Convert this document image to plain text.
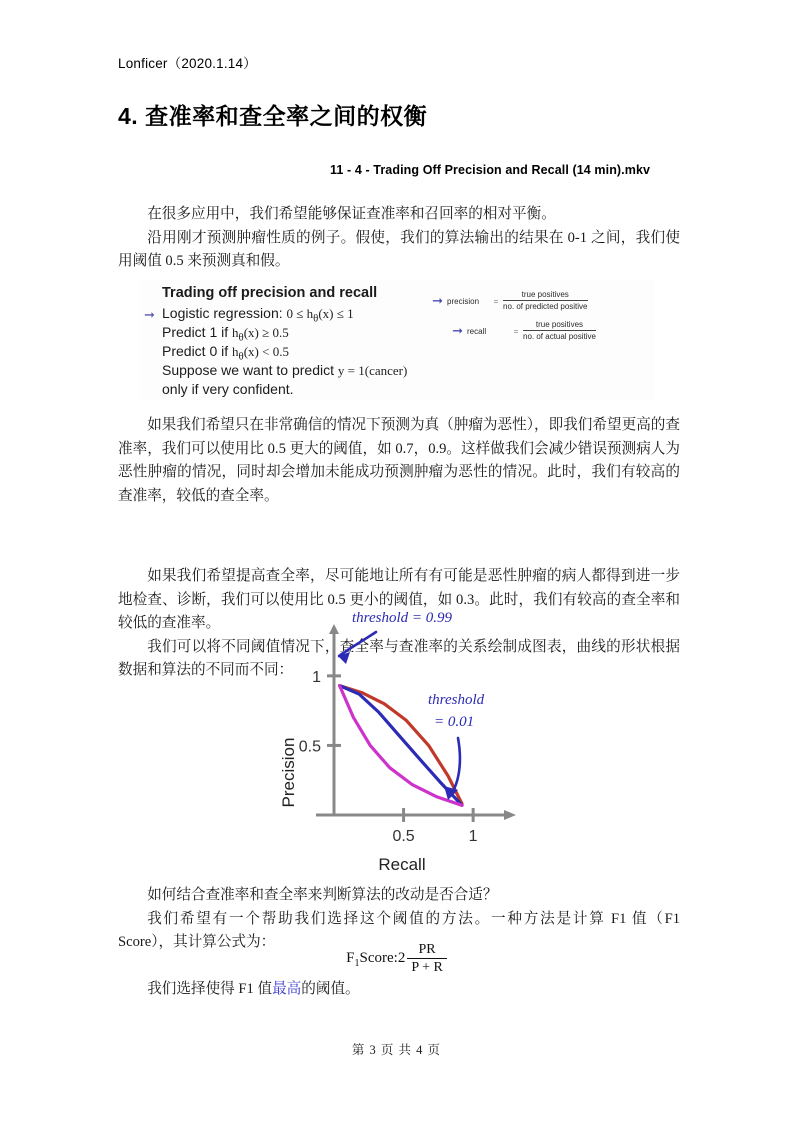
Lonficer（2020.1.14）
4. 查准率和查全率之间的权衡
11 - 4 - Trading Off Precision and Recall (14 min).mkv

在很多应用中，我们希望能够保证查准率和召回率的相对平衡。

沿用刚才预测肿瘤性质的例子。假使，我们的算法输出的结果在 0-1 之间，我们使用阈值 0.5 来预测真和假。

Trading off precision and recall
➞ Logistic regression: $0 \le h_\theta(x) \le 1$
Predict 1 if $h_\theta(x) \ge 0.5$
Predict 0 if $h_\theta(x) < 0.5$
Suppose we want to predict y = 1(cancer)
only if very confident.
➞ precision	= $\frac{\text{true positives}}{\text{no. of predicted positive}}$
➞ recall	= $\frac{\text{true positives}}{\text{no. of actual positive}}$

如果我们希望只在非常确信的情况下预测为真（肿瘤为恶性），即我们希望更高的查准率，我们可以使用比 0.5 更大的阈值，如 0.7，0.9。这样做我们会减少错误预测病人为恶性肿瘤的情况，同时却会增加未能成功预测肿瘤为恶性的情况。此时，我们有较高的查准率，较低的查全率。

如果我们希望提高查全率，尽可能地让所有有可能是恶性肿瘤的病人都得到进一步地检查、诊断，我们可以使用比 0.5 更小的阈值，如 0.3。此时，我们有较高的查全率和较低的查准率。

我们可以将不同阈值情况下，查全率与查准率的关系绘制成图表，曲线的形状根据数据和算法的不同而不同：

0.5
1
0.5	1
Recall
Precision
threshold = 0.99
threshold
= 0.01

如何结合查准率和查全率来判断算法的改动是否合适？

我们希望有一个帮助我们选择这个阈值的方法。一种方法是计算 F1 值（F1 Score），其计算公式为：

$F_1Score:2 \frac{PR}{P + R}$

我们选择使得 F1 值最高的阈值。

第 3 页 共 4 页
